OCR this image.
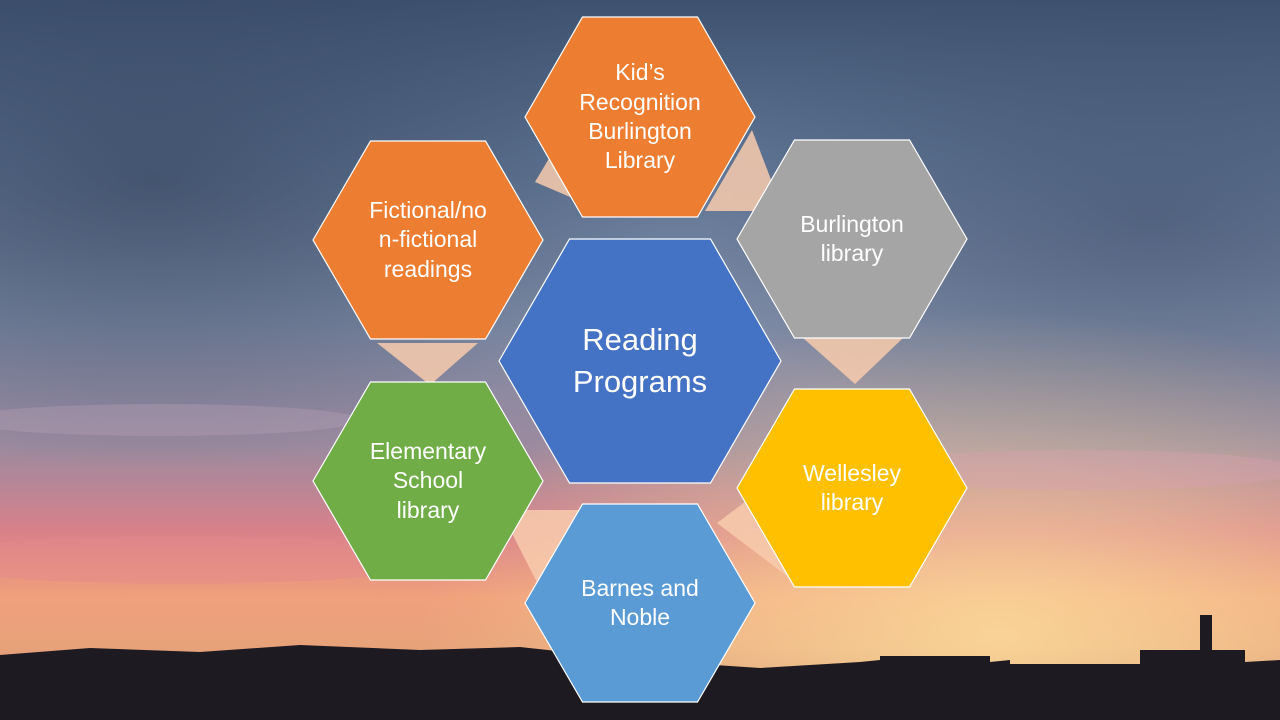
Kid’s
Recognition
Burlington
Library
Burlington
library
Wellesley
library
Barnes and
Noble
Elementary
School
library
Fictional/no
n-fictional
readings
Reading
Programs
